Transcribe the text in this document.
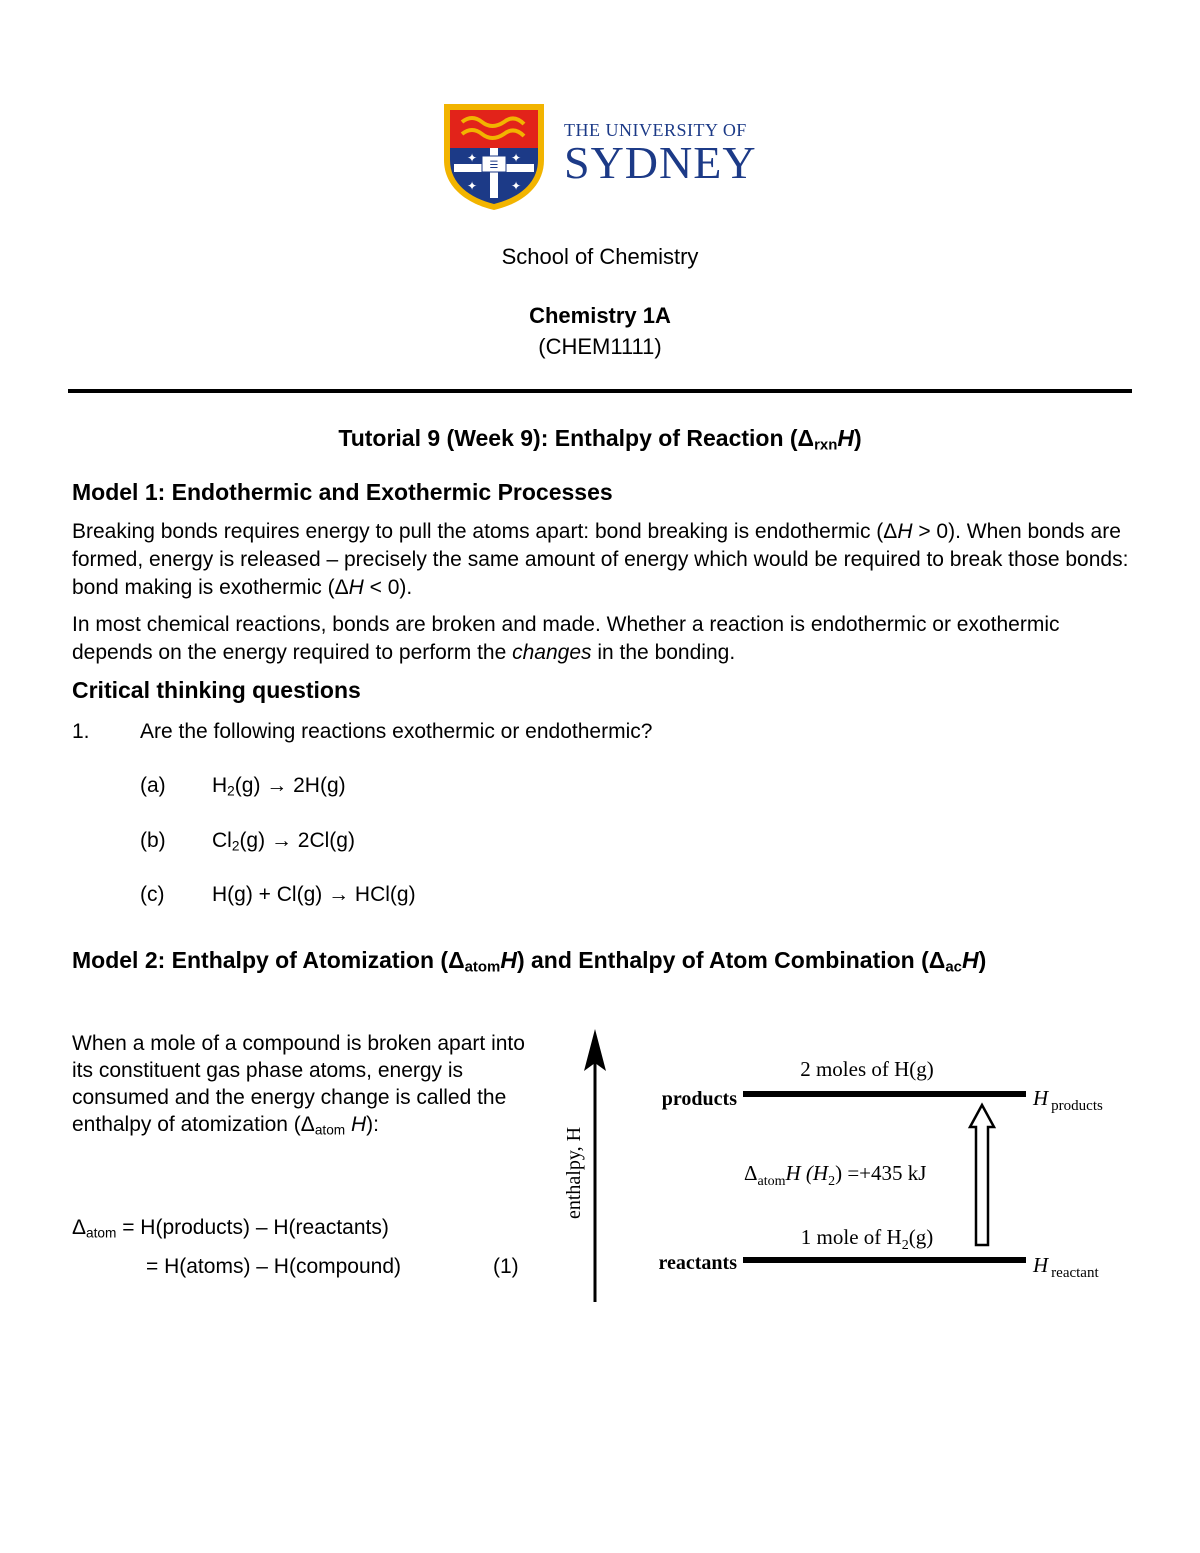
☰
✦	✦
✦	✦
THE UNIVERSITY OF
SYDNEY
School of Chemistry
Chemistry 1A
(CHEM1111)
Tutorial 9 (Week 9): Enthalpy of Reaction $(\Delta_{rxn}H)$
Model 1: Endothermic and Exothermic Processes

Breaking bonds requires energy to pull the atoms apart: bond breaking is endothermic (ΔH > 0). When bonds are formed, energy is released – precisely the same amount of energy which would be required to break those bonds: bond making is exothermic (ΔH < 0).

In most chemical reactions, bonds are broken and made. Whether a reaction is endothermic or exothermic depends on the energy required to perform the changes in the bonding.

Critical thinking questions
1. Are the following reactions exothermic or endothermic?
(a) $H_2(g) \to 2H(g)$
(b) $Cl_2(g) \to 2Cl(g)$
(c) H(g) + Cl(g) → HCl(g)
Model 2: Enthalpy of Atomization $(\Delta_{atom}H)$ and Enthalpy of Atom Combination $(\Delta_{ac}H)$
When a mole of a compound is broken apart into its constituent gas phase atoms, energy is consumed and the energy change is called the enthalpy of atomization ($\Delta_{atom}$ H):
$\Delta_{atom}$ = H(products) – H(reactants)
= H(atoms) – H(compound)	(1)
enthalpy, H
products
reactants
2 moles of H(g)
1 mole of $H_2(g)$
$\Delta_{atom}H$ $(H_2) =+435$ kJ
H $_{products}$
H $_{reactant}$
